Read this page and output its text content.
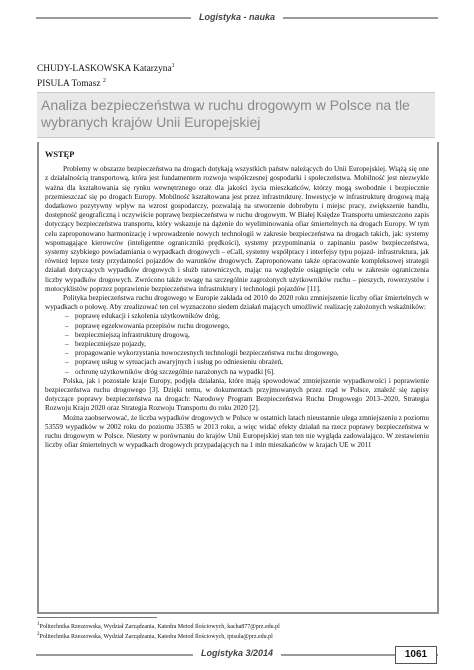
Logistyka - nauka
CHUDY-LASKOWSKA Katarzyna$^1$
PISULA Tomasz $^2$
Analiza bezpieczeństwa w ruchu drogowym w Polsce na tle wybranych krajów Unii Europejskiej
WSTĘP

Problemy w obszarze bezpieczeństwa na drogach dotykają wszystkich państw należących do Unii Europejskiej. Wiążą się one z działalnością transportową, która jest fundamentem rozwoju współczesnej gospodarki i społeczeństwa. Mobilność jest niezwykle ważna dla kształtowania się rynku wewnętrznego oraz dla jakości życia mieszkańców, którzy mogą swobodnie i bezpiecznie przemieszczać się po drogach Europy. Mobilność kształtowana jest przez infrastrukturę. Inwestycje w infrastrukturę drogową mają dodatkowo pozytywny wpływ na wzrost gospodarczy, pozwalają na stworzenie dobrobytu i miejsc pracy, zwiększenie handlu, dostępność geograficzną i oczywiście poprawę bezpieczeństwa w ruchu drogowym. W Białej Księdze Transportu umieszczono zapis dotyczący bezpieczeństwa transportu, który wskazuje na dążenie do wyeliminowania ofiar śmiertelnych na drogach Europy. W tym celu zaproponowano harmonizację i wprowadzenie nowych technologii w zakresie bezpieczeństwa na drogach takich, jak: systemy wspomagające kierowców (inteligentne ograniczniki prędkości), systemy przypominania o zapinaniu pasów bezpieczeństwa, systemy szybkiego powiadamiania o wypadkach drogowych – eCall, systemy współpracy i interfejsy typu pojazd- infrastruktura, jak również lepsze testy przydatności pojazdów do warunków drogowych. Zaproponowano także opracowanie kompleksowej strategii działań dotyczących wypadków drogowych i służb ratowniczych, mając na względzie osiągnięcie celu w zakresie ograniczenia liczby wypadków drogowych. Zwrócono także uwagę na szczególnie zagrożonych użytkowników ruchu – pieszych, rowerzystów i motocyklistów poprzez poprawienie bezpieczeństwa infrastruktury i technologii pojazdów [11].

Polityka bezpieczeństwa ruchu drogowego w Europie zakłada od 2010 do 2020 roku zmniejszenie liczby ofiar śmiertelnych w wypadkach o połowę. Aby zrealizować ten cel wyznaczono siedem działań mających umożliwić realizację założonych wskaźników:

– poprawę edukacji i szkolenia użytkowników dróg,
– poprawę egzekwowania przepisów ruchu drogowego,
– bezpieczniejszą infrastrukturę drogową,
– bezpieczniejsze pojazdy,
– propagowanie wykorzystania nowoczesnych technologii bezpieczeństwa ruchu drogowego,
– poprawę usług w sytuacjach awaryjnych i usług po odniesieniu obrażeń,
– ochronę użytkowników dróg szczególnie narażonych na wypadki [6].

Polska, jak i pozostałe kraje Europy, podjęła działania, które mają spowodować zmniejszenie wypadkowości i poprawienie bezpieczeństwa ruchu drogowego [3]. Dzięki temu, w dokumentach przyjmowanych przez rząd w Polsce, znaleźć się zapisy dotyczące poprawy bezpieczeństwa na drogach: Narodowy Program Bezpieczeństwa Ruchu Drogowego 2013–2020, Strategia Rozwoju Kraju 2020 oraz Strategia Rozwoju Transportu do roku 2020 [2].

Można zaobserwować, że liczba wypadków drogowych w Polsce w ostatnich latach nieustannie ulega zmniejszeniu z poziomu 53559 wypadków w 2002 roku do poziomu 35385 w 2013 roku, a więc widać efekty działań na rzecz poprawy bezpieczeństwa w ruchu drogowym w Polsce. Niestety w porównaniu do krajów Unii Europejskiej stan ten nie wygląda zadowalająco. W zestawieniu liczby ofiar śmiertelnych w wypadkach drogowych przypadających na 1 mln mieszkańców w krajach UE w 2011

$^1$Politechnika Rzeszowska, Wydział Zarządzania, Katedra Metod Ilościowych, kacha877@prz.edu.pl
$^2$Politechnika Rzeszowska, Wydział Zarządzania, Katedra Metod Ilościowych, tpisula@prz.edu.pl
Logistyka 3/2014	1061
